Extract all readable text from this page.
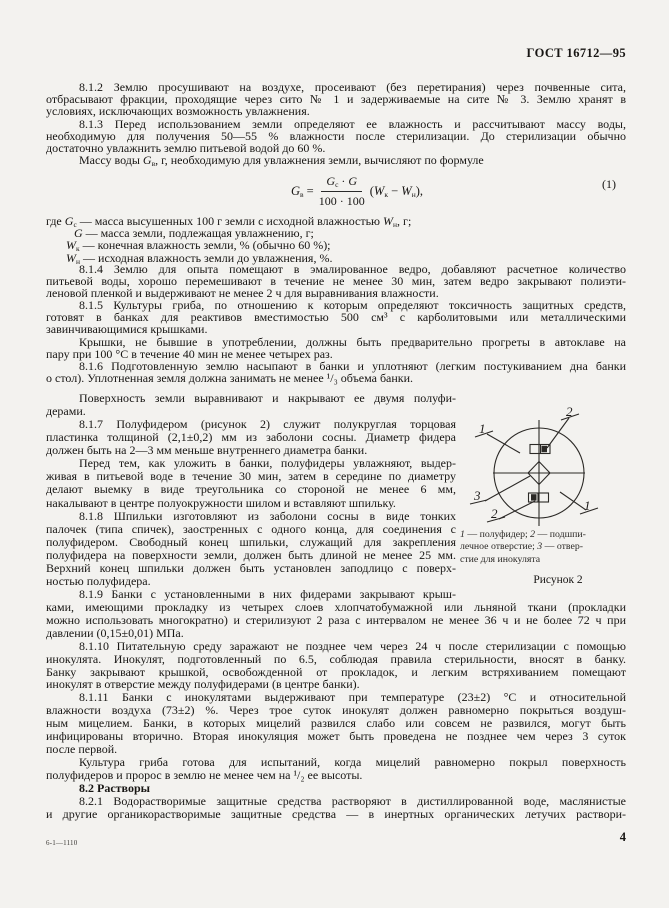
ГОСТ 16712—95
8.1.2 Землю просушивают на воздухе, просеивают (без перетирания) через почвенные сита,
отбрасывают фракции, проходящие через сито № 1 и задерживаемые на сите № 3. Землю хранят в
условиях, исключающих возможность увлажнения.
8.1.3 Перед использованием земли определяют ее влажность и рассчитывают массу воды,
необходимую для получения 50—55 % влажности после стерилизации. До стерилизации обычно
достаточно увлажнить землю питьевой водой до 60 %.
Массу воды $G_в$, г, необходимую для увлажнения земли, вычисляют по формуле
$G_в = \frac{G_с \cdot G}{100 \cdot 100} (W_к - W_н)$,	(1)
где $G_с$ — масса высушенных 100 г земли с исходной влажностью $W_н$, г;
G — масса земли, подлежащая увлажнению, г;
$W_к$ — конечная влажность земли, % (обычно 60 %);
$W_н$ — исходная влажность земли до увлажнения, %.
8.1.4 Землю для опыта помещают в эмалированное ведро, добавляют расчетное количество
питьевой воды, хорошо перемешивают в течение не менее 30 мин, затем ведро закрывают полиэти-
леновой пленкой и выдерживают не менее 2 ч для выравнивания влажности.
8.1.5 Культуры гриба, по отношению к которым определяют токсичность защитных средств,
готовят в банках для реактивов вместимостью 500 см³ с карболитовыми или металлическими
завинчивающимися крышками.
Крышки, не бывшие в употреблении, должны быть предварительно прогреты в автоклаве на
пару при 100 °С в течение 40 мин не менее четырех раз.
8.1.6 Подготовленную землю насыпают в банки и уплотняют (легким постукиванием дна банки
о стол). Уплотненная земля должна занимать не менее ¹/₃ объема банки.
Поверхность земли выравнивают и накрывают ее двумя полуфи-
дерами.
8.1.7 Полуфидером (рисунок 2) служит полукруглая торцовая
пластинка толщиной (2,1±0,2) мм из заболони сосны. Диаметр фидера
должен быть на 2—3 мм меньше внутреннего диаметра банки.
Перед тем, как уложить в банки, полуфидеры увлажняют, выдер-
живая в питьевой воде в течение 30 мин, затем в середине по диаметру
делают выемку в виде треугольника со стороной не менее 6 мм,
накалывают в центре полуокружности шилом и вставляют шпильку.
8.1.8 Шпильки изготовляют из заболони сосны в виде тонких
палочек (типа спичек), заостренных с одного конца, для соединения с
полуфидером. Свободный конец шпильки, служащий для закрепления
полуфидера на поверхности земли, должен быть длиной не менее 25 мм.
Верхний конец шпильки должен быть установлен заподлицо с поверх-
ностью полуфидера.
8.1.9 Банки с установленными в них фидерами закрывают крыш-
1
2
3
2
1
1 — полуфидер; 2 — подшпи-
лечное отверстие; 3 — отвер-
стие для инокулята
Рисунок 2
ками, имеющими прокладку из четырех слоев хлопчатобумажной или льняной ткани (прокладки
можно использовать многократно) и стерилизуют 2 раза с интервалом не менее 36 ч и не более 72 ч при
давлении (0,15±0,01) МПа.
8.1.10 Питательную среду заражают не позднее чем через 24 ч после стерилизации с помощью
инокулята. Инокулят, подготовленный по 6.5, соблюдая правила стерильности, вносят в банку.
Банку закрывают крышкой, освобожденной от прокладок, и легким встряхиванием помещают
инокулят в отверстие между полуфидерами (в центре банки).
8.1.11 Банки с инокулятами выдерживают при температуре (23±2) °С и относительной
влажности воздуха (73±2) %. Через трое суток инокулят должен равномерно покрыться воздуш-
ным мицелием. Банки, в которых мицелий развился слабо или совсем не развился, могут быть
инфицированы вторично. Вторая инокуляция может быть проведена не позднее чем через 3 суток
после первой.
Культура гриба готова для испытаний, когда мицелий равномерно покрыл поверхность
полуфидеров и пророс в землю не менее чем на ¹/₂ ее высоты.
8.2 Растворы
8.2.1 Водорастворимые защитные средства растворяют в дистиллированной воде, маслянистые
и другие органикорастворимые защитные средства — в инертных органических летучих раствори-
6-1—1110	4
